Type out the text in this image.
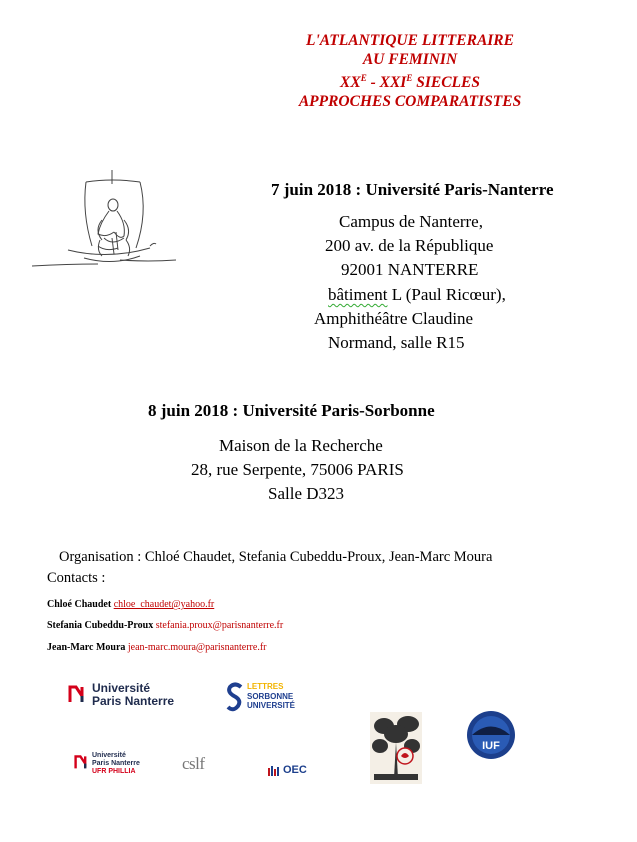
L'ATLANTIQUE LITTERAIRE
AU FEMININ
$XX^E - XXI^E$ SIECLES
APPROCHES COMPARATISTES
7 juin 2018 : Université Paris-Nanterre
Campus de Nanterre,
200 av. de la République
92001 NANTERRE
bâtiment L (Paul Ricœur),
Amphithéâtre Claudine
Normand, salle R15
8 juin 2018 : Université Paris-Sorbonne
Maison de la Recherche
28, rue Serpente, 75006 PARIS
Salle D323
Organisation : Chloé Chaudet, Stefania Cubeddu-Proux, Jean-Marc Moura
Contacts :
Chloé Chaudet chloe_chaudet@yahoo.fr
Stefania Cubeddu-Proux stefania.proux@parisnanterre.fr
Jean-Marc Moura jean-marc.moura@parisnanterre.fr
Université
Paris Nanterre
LETTRES
SORBONNE
UNIVERSITÉ
IUF
Université
Paris Nanterre
UFR PHILLIA	cslf	OEC
